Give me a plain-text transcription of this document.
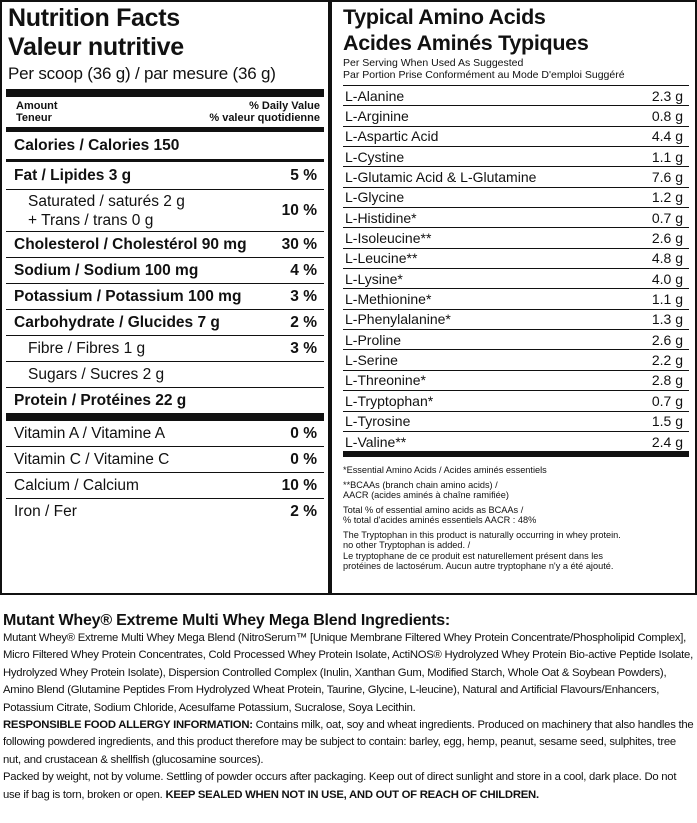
Nutrition Facts
Valeur nutritive
Per scoop (36 g) / par mesure (36 g)
Amount
Teneur
% Daily Value
% valeur quotidienne
Calories / Calories 150
Fat / Lipides 3 g	5 %
Saturated / saturés 2 g
+ Trans / trans 0 g
10 %
Cholesterol / Cholestérol 90 mg 30 %
Sodium / Sodium 100 mg	4 %
Potassium / Potassium 100 mg	3 %
Carbohydrate / Glucides 7 g	2 %
Fibre / Fibres 1 g	3 %
Sugars / Sucres 2 g
Protein / Protéines 22 g
Vitamin A / Vitamine A	0 %
Vitamin C / Vitamine C	0 %
Calcium / Calcium	10 %
Iron / Fer	2 %
Typical Amino Acids
Acides Aminés Typiques
Per Serving When Used As Suggested
Par Portion Prise Conformément au Mode D'emploi Suggéré
L-Alanine	2.3 g
L-Arginine	0.8 g
L-Aspartic Acid	4.4 g
L-Cystine	1.1 g
L-Glutamic Acid & L-Glutamine	7.6 g
L-Glycine	1.2 g
L-Histidine*	0.7 g
L-Isoleucine**	2.6 g
L-Leucine**	4.8 g
L-Lysine*	4.0 g
L-Methionine*	1.1 g
L-Phenylalanine*	1.3 g
L-Proline	2.6 g
L-Serine	2.2 g
L-Threonine*	2.8 g
L-Tryptophan*	0.7 g
L-Tyrosine	1.5 g
L-Valine**	2.4 g

*Essential Amino Acids / Acides aminés essentiels

**BCAAs (branch chain amino acids) /
AACR (acides aminés à chaîne ramifiée)

Total % of essential amino acids as BCAAs /
% total d'acides aminés essentiels AACR : 48%

The Tryptophan in this product is naturally occurring in whey protein.
no other Tryptophan is added. /
Le tryptophane de ce produit est naturellement présent dans les
protéines de lactosérum. Aucun autre tryptophane n'y a été ajouté.

Mutant Whey® Extreme Multi Whey Mega Blend Ingredients:

Mutant Whey® Extreme Multi Whey Mega Blend (NitroSerum™ [Unique Membrane Filtered Whey Protein Concentrate/Phospholipid Complex], Micro Filtered Whey Protein Concentrates, Cold Processed Whey Protein Isolate, ActiNOS® Hydrolyzed Whey Protein Bio-active Peptide Isolate, Hydrolyzed Whey Protein Isolate), Dispersion Controlled Complex (Inulin, Xanthan Gum, Modified Starch, Whole Oat & Soybean Powders), Amino Blend (Glutamine Peptides From Hydrolyzed Wheat Protein, Taurine, Glycine, L-leucine), Natural and Artificial Flavours/Enhancers, Potassium Citrate, Sodium Chloride, Acesulfame Potassium, Sucralose, Soya Lecithin.

RESPONSIBLE FOOD ALLERGY INFORMATION: Contains milk, oat, soy and wheat ingredients. Produced on machinery that also handles the following powdered ingredients, and this product therefore may be subject to contain: barley, egg, hemp, peanut, sesame seed, sulphites, tree nut, and crustacean & shellfish (glucosamine sources).

Packed by weight, not by volume. Settling of powder occurs after packaging. Keep out of direct sunlight and store in a cool, dark place. Do not use if bag is torn, broken or open. KEEP SEALED WHEN NOT IN USE, AND OUT OF REACH OF CHILDREN.
